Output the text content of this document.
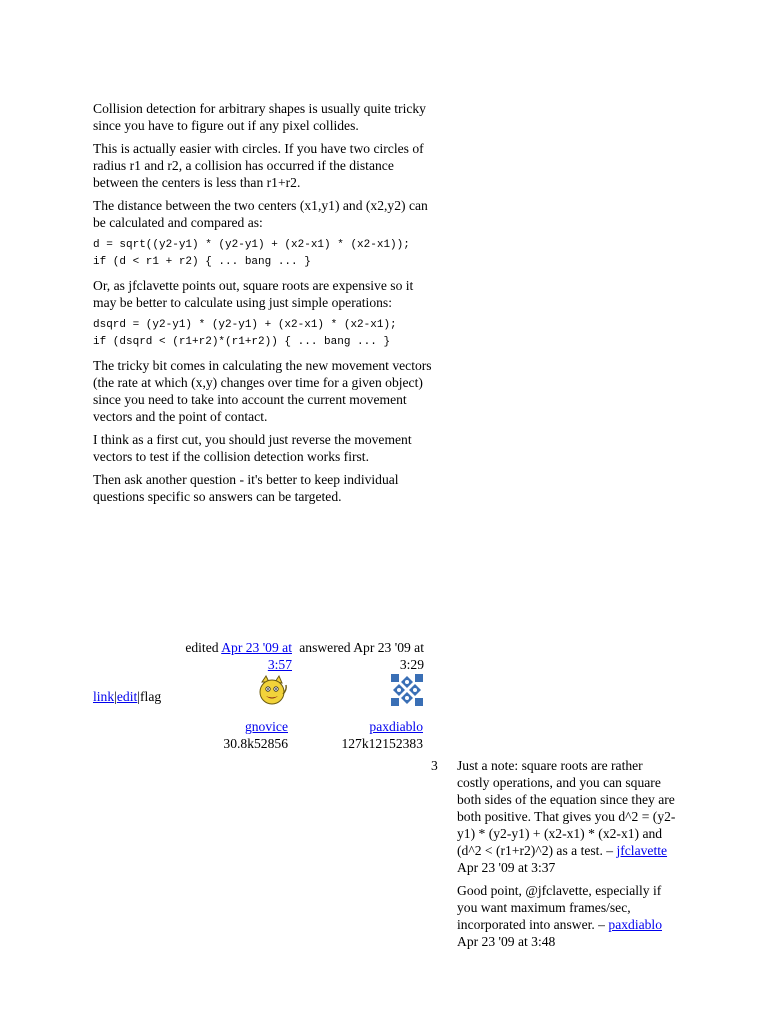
Collision detection for arbitrary shapes is usually quite tricky since you have to figure out if any pixel collides.

This is actually easier with circles. If you have two circles of radius r1 and r2, a collision has occurred if the distance between the centers is less than r1+r2.

The distance between the two centers (x1,y1) and (x2,y2) can be calculated and compared as:

d = sqrt((y2-y1) * (y2-y1) + (x2-x1) * (x2-x1));
if (d < r1 + r2) { ... bang ... }

Or, as jfclavette points out, square roots are expensive so it may be better to calculate using just simple operations:

dsqrd = (y2-y1) * (y2-y1) + (x2-x1) * (x2-x1);
if (dsqrd < (r1+r2)*(r1+r2)) { ... bang ... }

The tricky bit comes in calculating the new movement vectors (the rate at which (x,y) changes over time for a given object) since you need to take into account the current movement vectors and the point of contact.

I think as a first cut, you should just reverse the movement vectors to test if the collision detection works first.

Then ask another question - it's better to keep individual questions specific so answers can be targeted.

edited Apr 23 '09 at 3:57
answered Apr 23 '09 at 3:29
link|edit|flag
gnovice
30.8k52856
paxdiablo
127k12152383
3 Just a note: square roots are rather costly operations, and you can square both sides of the equation since they are both positive. That gives you d^2 = (y2-y1) * (y2-y1) + (x2-x1) * (x2-x1) and (d^2 < (r1+r2)^2) as a test. – jfclavette Apr 23 '09 at 3:37
Good point, @jfclavette, especially if you want maximum frames/sec, incorporated into answer. – paxdiablo Apr 23 '09 at 3:48
